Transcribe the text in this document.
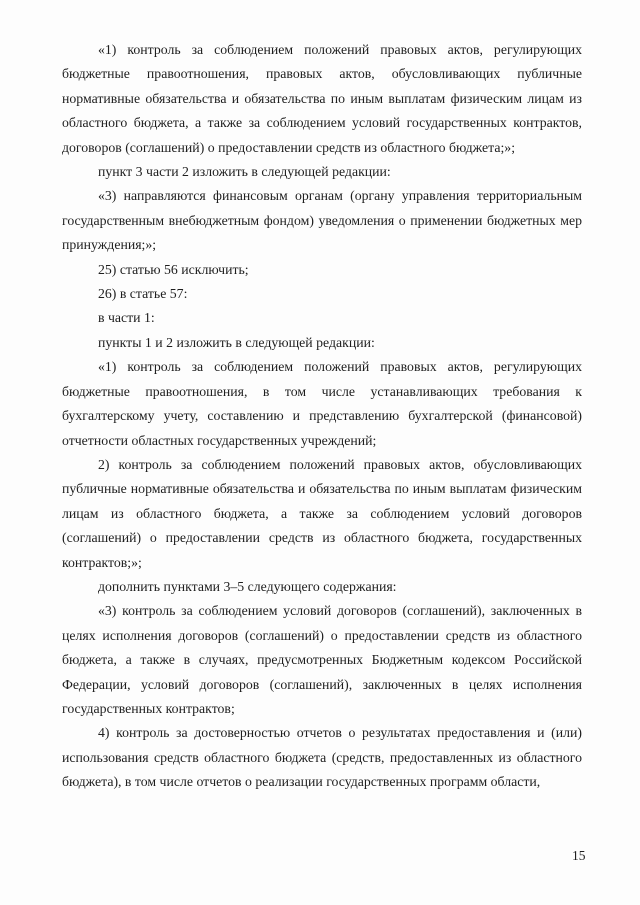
«1) контроль за соблюдением положений правовых актов, регулирующих бюджетные правоотношения, правовых актов, обусловливающих публичные нормативные обязательства и обязательства по иным выплатам физическим лицам из областного бюджета, а также за соблюдением условий государственных контрактов, договоров (соглашений) о предоставлении средств из областного бюджета;»;

пункт 3 части 2 изложить в следующей редакции:

«3) направляются финансовым органам (органу управления территориальным государственным внебюджетным фондом) уведомления о применении бюджетных мер принуждения;»;

25) статью 56 исключить;

26) в статье 57:

в части 1:

пункты 1 и 2 изложить в следующей редакции:

«1) контроль за соблюдением положений правовых актов, регулирующих бюджетные правоотношения, в том числе устанавливающих требования к бухгалтерскому учету, составлению и представлению бухгалтерской (финансовой) отчетности областных государственных учреждений;

2) контроль за соблюдением положений правовых актов, обусловливающих публичные нормативные обязательства и обязательства по иным выплатам физическим лицам из областного бюджета, а также за соблюдением условий договоров (соглашений) о предоставлении средств из областного бюджета, государственных контрактов;»;

дополнить пунктами 3–5 следующего содержания:

«3) контроль за соблюдением условий договоров (соглашений), заключенных в целях исполнения договоров (соглашений) о предоставлении средств из областного бюджета, а также в случаях, предусмотренных Бюджетным кодексом Российской Федерации, условий договоров (соглашений), заключенных в целях исполнения государственных контрактов;

4) контроль за достоверностью отчетов о результатах предоставления и (или) использования средств областного бюджета (средств, предоставленных из областного бюджета), в том числе отчетов о реализации государственных программ области,

15
